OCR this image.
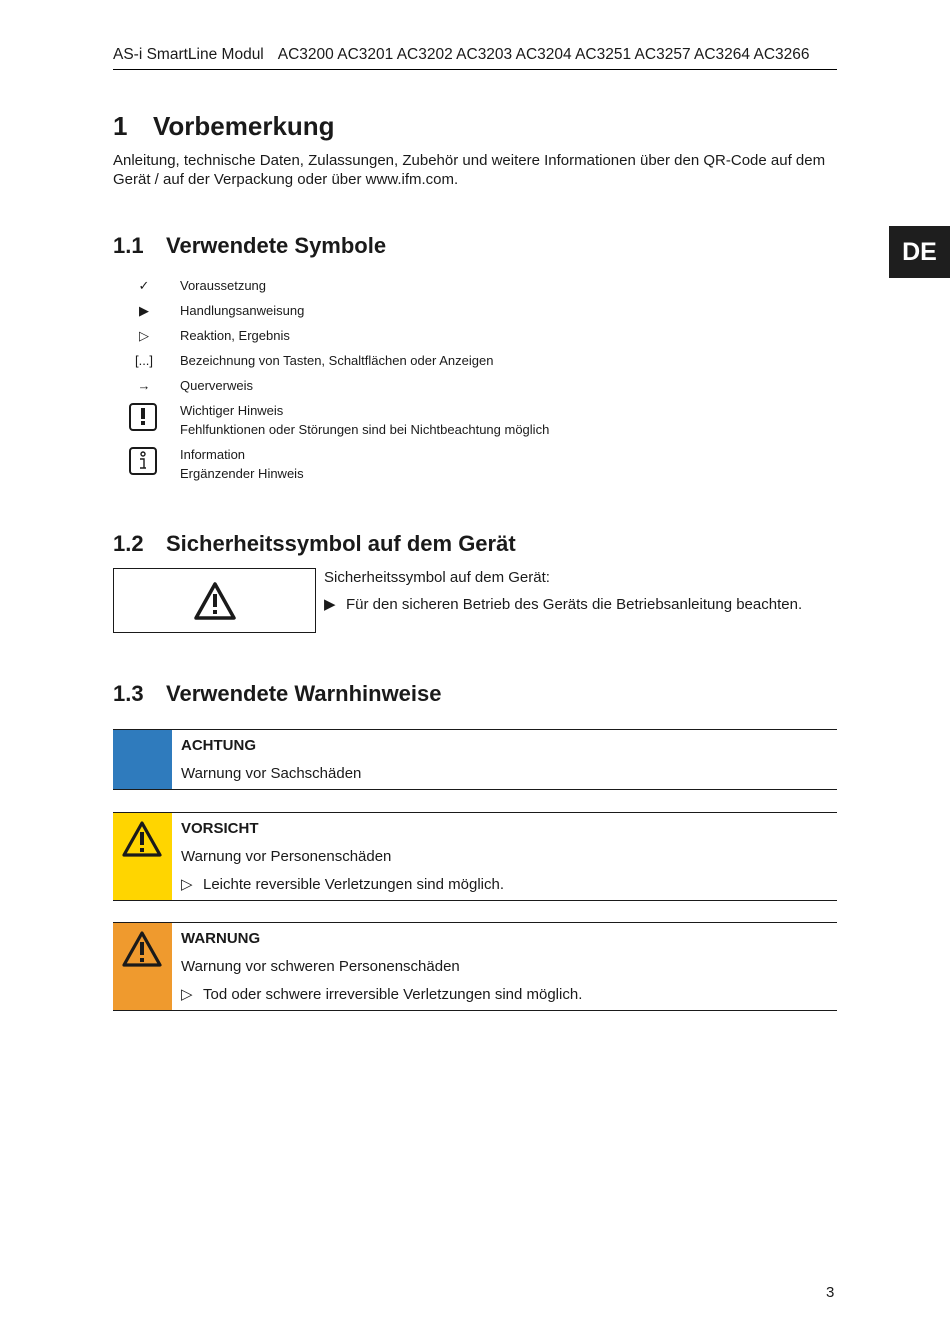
AS-i SmartLine Modul AC3200 AC3201 AC3202 AC3203 AC3204 AC3251 AC3257 AC3264 AC3266
DE
1 Vorbemerkung
Anleitung, technische Daten, Zulassungen, Zubehör und weitere Informationen über den QR-Code auf dem Gerät / auf der Verpackung oder über www.ifm.com.
1.1 Verwendete Symbole
✓	Voraussetzung
▶	Handlungsanweisung
▷	Reaktion, Ergebnis
[...]	Bezeichnung von Tasten, Schaltflächen oder Anzeigen
→	Querverweis
Wichtiger Hinweis
Fehlfunktionen oder Störungen sind bei Nichtbeachtung möglich
Information
Ergänzender Hinweis
1.2 Sicherheitssymbol auf dem Gerät
Sicherheitssymbol auf dem Gerät:
▶ Für den sicheren Betrieb des Geräts die Betriebsanleitung beachten.
1.3 Verwendete Warnhinweise
ACHTUNG
Warnung vor Sachschäden
VORSICHT
Warnung vor Personenschäden
▷ Leichte reversible Verletzungen sind möglich.
WARNUNG
Warnung vor schweren Personenschäden
▷ Tod oder schwere irreversible Verletzungen sind möglich.
3
